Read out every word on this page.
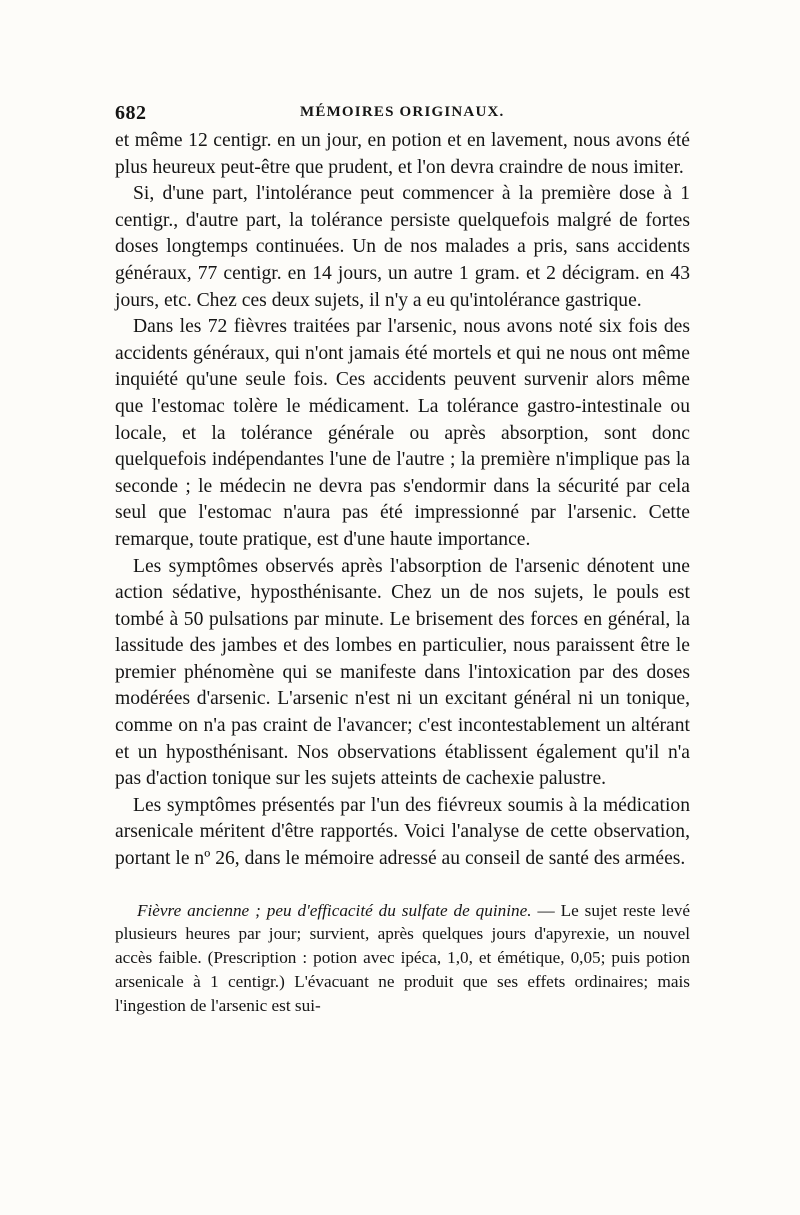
682	MÉMOIRES ORIGINAUX.

et même 12 centigr. en un jour, en potion et en lavement, nous avons été plus heureux peut-être que prudent, et l'on devra craindre de nous imiter.

Si, d'une part, l'intolérance peut commencer à la première dose à 1 centigr., d'autre part, la tolérance persiste quelquefois malgré de fortes doses longtemps continuées. Un de nos malades a pris, sans accidents généraux, 77 centigr. en 14 jours, un autre 1 gram. et 2 décigram. en 43 jours, etc. Chez ces deux sujets, il n'y a eu qu'intolérance gastrique.

Dans les 72 fièvres traitées par l'arsenic, nous avons noté six fois des accidents généraux, qui n'ont jamais été mortels et qui ne nous ont même inquiété qu'une seule fois. Ces accidents peuvent survenir alors même que l'estomac tolère le médicament. La tolérance gastro-intestinale ou locale, et la tolérance générale ou après absorption, sont donc quelquefois indépendantes l'une de l'autre ; la première n'implique pas la seconde ; le médecin ne devra pas s'endormir dans la sécurité par cela seul que l'estomac n'aura pas été impressionné par l'arsenic. Cette remarque, toute pratique, est d'une haute importance.

Les symptômes observés après l'absorption de l'arsenic dénotent une action sédative, hyposthénisante. Chez un de nos sujets, le pouls est tombé à 50 pulsations par minute. Le brisement des forces en général, la lassitude des jambes et des lombes en particulier, nous paraissent être le premier phénomène qui se manifeste dans l'intoxication par des doses modérées d'arsenic. L'arsenic n'est ni un excitant général ni un tonique, comme on n'a pas craint de l'avancer; c'est incontestablement un altérant et un hyposthénisant. Nos observations établissent également qu'il n'a pas d'action tonique sur les sujets atteints de cachexie palustre.

Les symptômes présentés par l'un des fiévreux soumis à la médication arsenicale méritent d'être rapportés. Voici l'analyse de cette observation, portant le nº 26, dans le mémoire adressé au conseil de santé des armées.

Fièvre ancienne ; peu d'efficacité du sulfate de quinine. — Le sujet reste levé plusieurs heures par jour; survient, après quelques jours d'apyrexie, un nouvel accès faible. (Prescription : potion avec ipéca, 1,0, et émétique, 0,05; puis potion arsenicale à 1 centigr.) L'évacuant ne produit que ses effets ordinaires; mais l'ingestion de l'arsenic est sui-
